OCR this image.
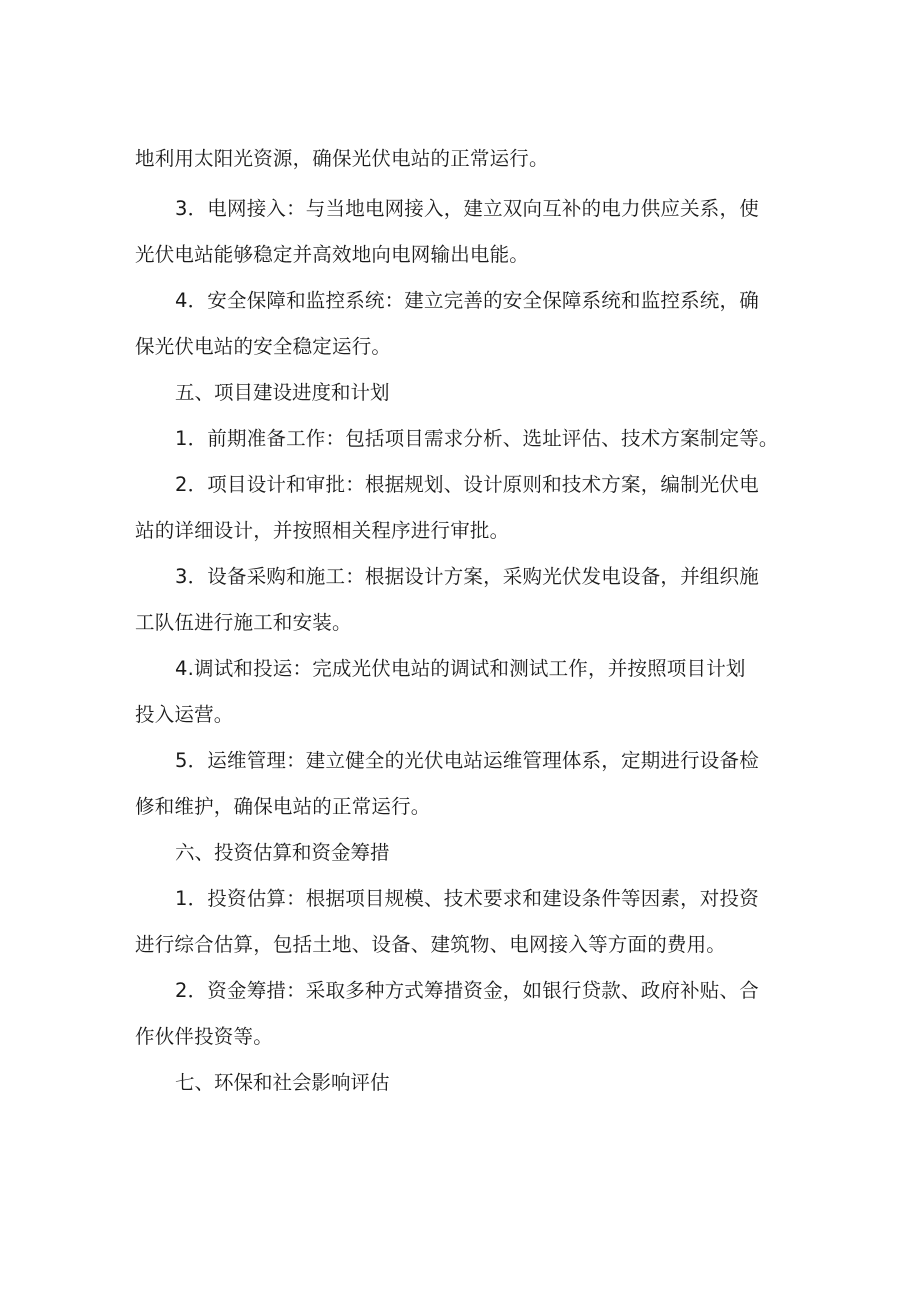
地利用太阳光资源，确保光伏电站的正常运行。

3．电网接入：与当地电网接入，建立双向互补的电力供应关系，使
光伏电站能够稳定并高效地向电网输出电能。

4．安全保障和监控系统：建立完善的安全保障系统和监控系统，确
保光伏电站的安全稳定运行。

五、项目建设进度和计划

1．前期准备工作：包括项目需求分析、选址评估、技术方案制定等。

2．项目设计和审批：根据规划、设计原则和技术方案，编制光伏电
站的详细设计，并按照相关程序进行审批。

3．设备采购和施工：根据设计方案，采购光伏发电设备，并组织施
工队伍进行施工和安装。

4.调试和投运：完成光伏电站的调试和测试工作，并按照项目计划
投入运营。

5．运维管理：建立健全的光伏电站运维管理体系，定期进行设备检
修和维护，确保电站的正常运行。

六、投资估算和资金筹措

1．投资估算：根据项目规模、技术要求和建设条件等因素，对投资
进行综合估算，包括土地、设备、建筑物、电网接入等方面的费用。

2．资金筹措：采取多种方式筹措资金，如银行贷款、政府补贴、合
作伙伴投资等。

七、环保和社会影响评估
